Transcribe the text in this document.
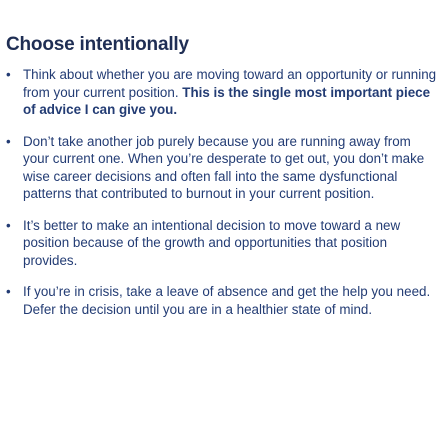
Choose intentionally
• Think about whether you are moving toward an opportunity or running from your current position. This is the single most important piece of advice I can give you.
• Don’t take another job purely because you are running away from your current one. When you’re desperate to get out, you don’t make wise career decisions and often fall into the same dysfunctional patterns that contributed to burnout in your current position.
• It’s better to make an intentional decision to move toward a new position because of the growth and opportunities that position provides.
• If you’re in crisis, take a leave of absence and get the help you need. Defer the decision until you are in a healthier state of mind.
